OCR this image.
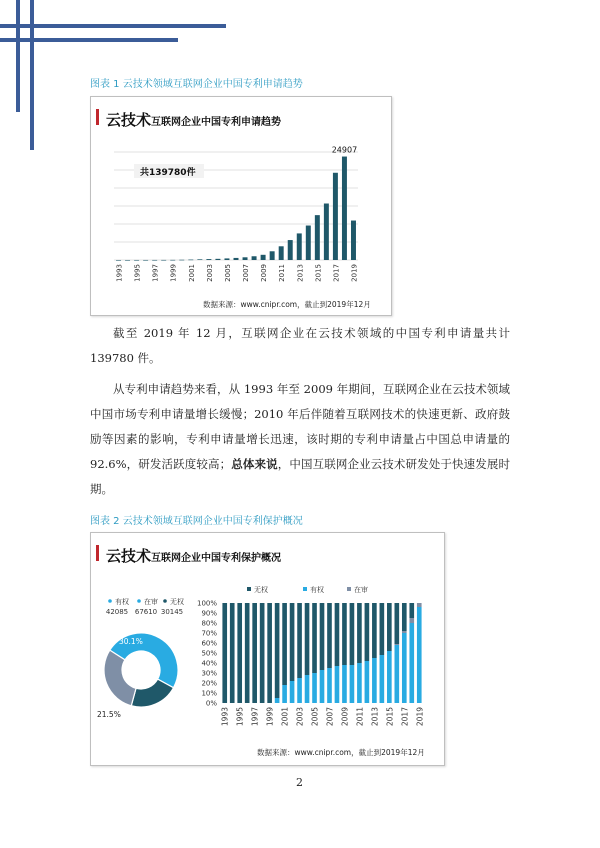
图表 1 云技术领域互联网企业中国专利申请趋势
云技术互联网企业中国专利申请趋势
共139780件
24907
1993 1995 1997 1999 2001 2003 2005 2007 2009 2011 2013 2015 2017 2019
数据来源：www.cnipr.com，截止到2019年12月

截至 2019 年 12 月，互联网企业在云技术领域的中国专利申请量共计 139780 件。

从专利申请趋势来看，从 1993 年至 2009 年期间，互联网企业在云技术领域中国市场专利申请量增长缓慢；2010 年后伴随着互联网技术的快速更新、政府鼓励等因素的影响，专利申请量增长迅速，该时期的专利申请量占中国总申请量的 92.6%，研发活跃度较高；总体来说，中国互联网企业云技术研发处于快速发展时期。

图表 2 云技术领域互联网企业中国专利保护概况
云技术互联网企业中国专利保护概况
有权
42085
在审
67610
无权
30145
49.5%
21.5%
30.1%
无权	有权	在审
0%
10%
20%
30%
40%
50%
60%
70%
80%
90%
100%
1993 1995 1997 1999 2001 2003 2005 2007 2009 2011 2013 2015 2017 2019
数据来源：www.cnipr.com，截止到2019年12月
2
